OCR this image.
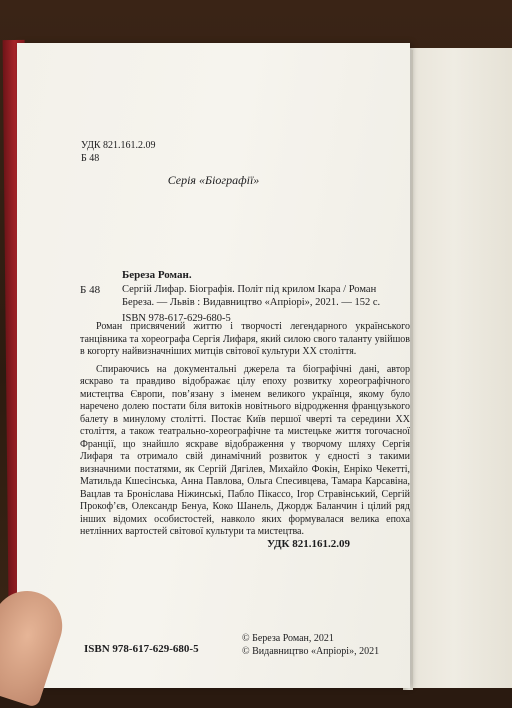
УДК 821.161.2.09
Б 48
Серія «Біографії»
Береза Роман.
Б 48 Сергій Лифар. Біографія. Політ під крилом Ікара / Роман Береза. — Львів : Видавництво «Апріорі», 2021. — 152 с.
ISBN 978-617-629-680-5

Роман присвячений життю і творчості легендарного українського танцівника та хореографа Сергія Лифаря, який силою свого таланту увійшов в когорту найвизначніших митців світової культури ХХ століття.

Спираючись на документальні джерела та біографічні дані, автор яскраво та правдиво відображає цілу епоху розвитку хореографічного мистецтва Європи, пов’язану з іменем великого українця, якому було наречено долею постати біля витоків новітнього відродження французького балету в минулому столітті. Постає Київ першої чверті та середини ХХ століття, а також театрально-хореографічне та мистецьке життя тогочасної Франції, що знайшло яскраве відображення у творчому шляху Сергія Лифаря та отримало свій динамічний розвиток у єдності з такими визначними постатями, як Сергій Дягілев, Михайло Фокін, Енріко Чекетті, Матильда Кшесінська, Анна Павлова, Ольга Спесивцева, Тамара Карсавіна, Вацлав та Броніслава Ніжинські, Пабло Пікассо, Ігор Стравінський, Сергій Прокоф’єв, Олександр Бенуа, Коко Шанель, Джордж Баланчин і цілий ряд інших відомих особистостей, навколо яких формувалася велика епоха нетлінних вартостей світової культури та мистецтва.

УДК 821.161.2.09
ISBN 978-617-629-680-5
© Береза Роман, 2021
© Видавництво «Апріорі», 2021
